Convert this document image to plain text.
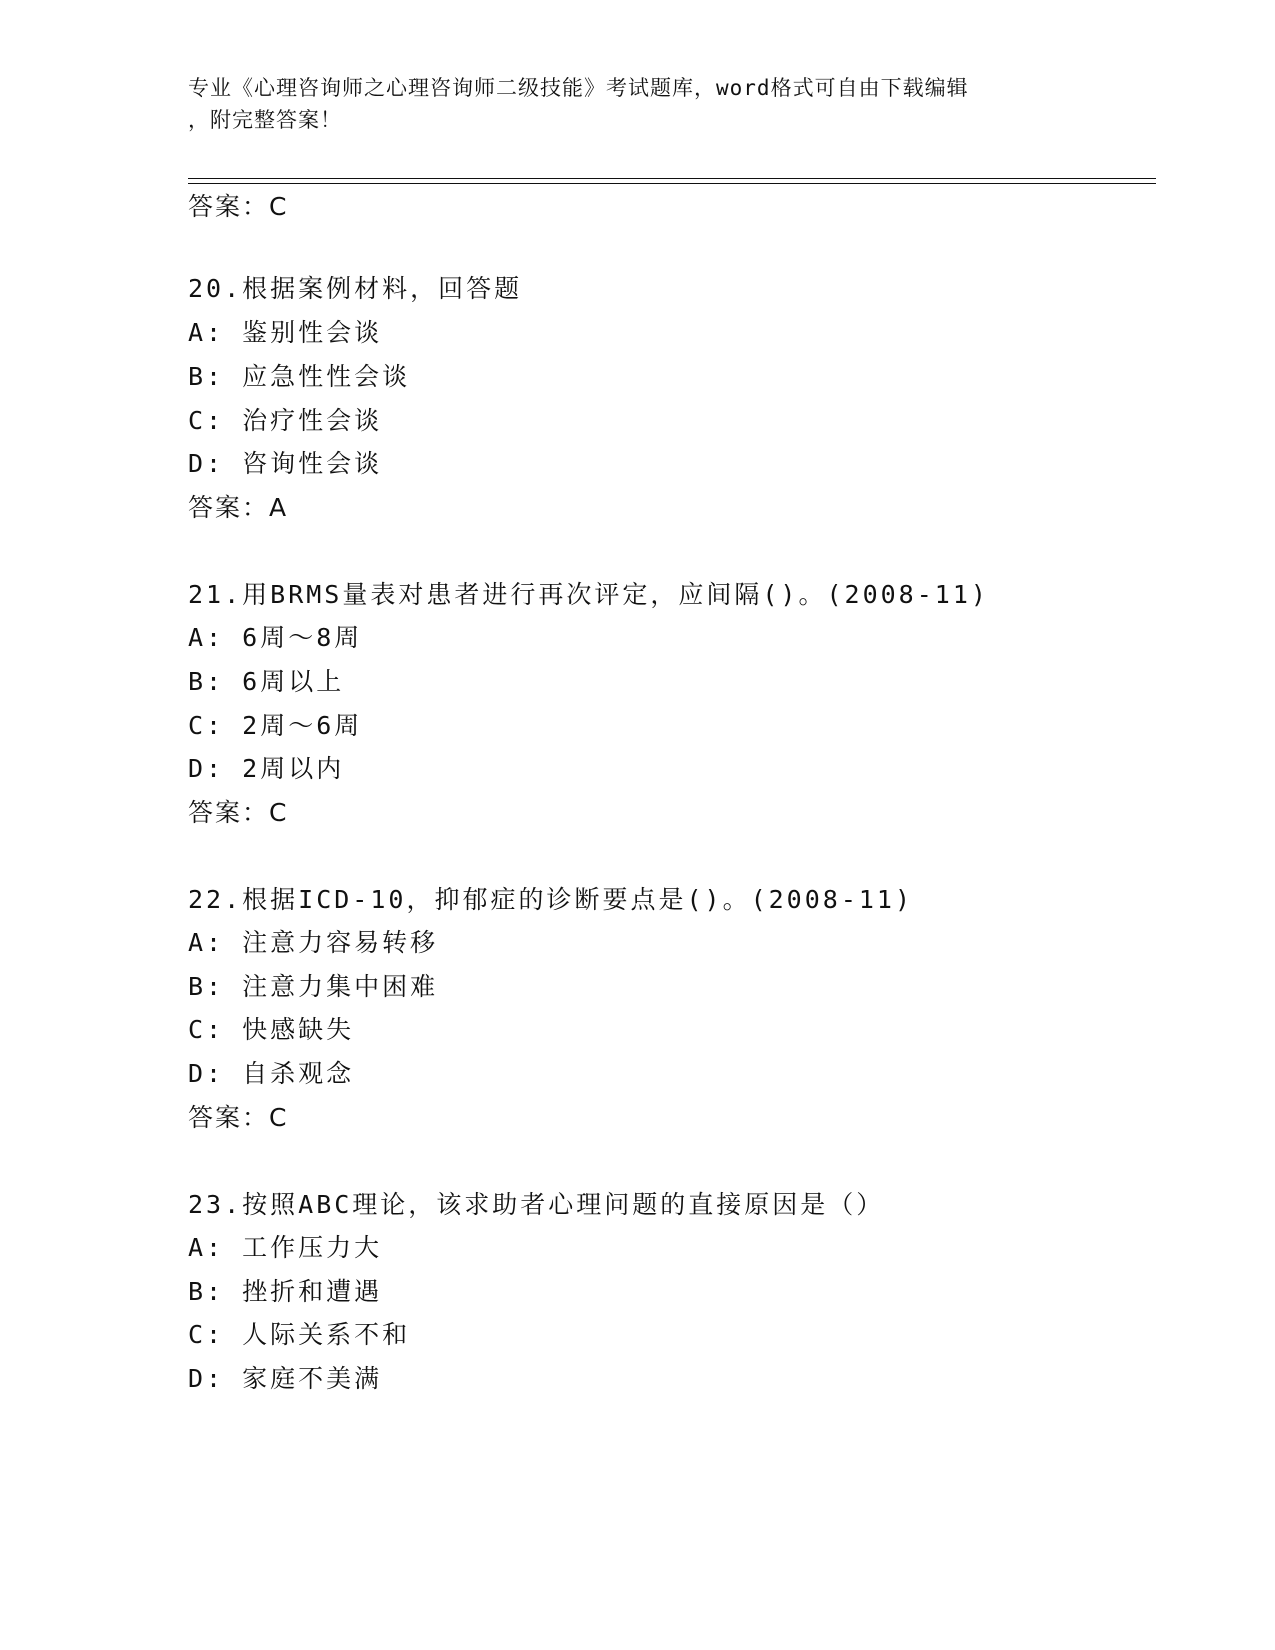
专业《心理咨询师之心理咨询师二级技能》考试题库，word格式可自由下载编辑
，附完整答案！
答案：C
20.根据案例材料，回答题
A: 鉴别性会谈
B: 应急性性会谈
C: 治疗性会谈
D: 咨询性会谈
答案：A
21.用BRMS量表对患者进行再次评定，应间隔()。(2008-11)
A: 6周～8周
B: 6周以上
C: 2周～6周
D: 2周以内
答案：C
22.根据ICD-10，抑郁症的诊断要点是()。(2008-11)
A: 注意力容易转移
B: 注意力集中困难
C: 快感缺失
D: 自杀观念
答案：C
23.按照ABC理论，该求助者心理问题的直接原因是（）
A: 工作压力大
B: 挫折和遭遇
C: 人际关系不和
D: 家庭不美满
